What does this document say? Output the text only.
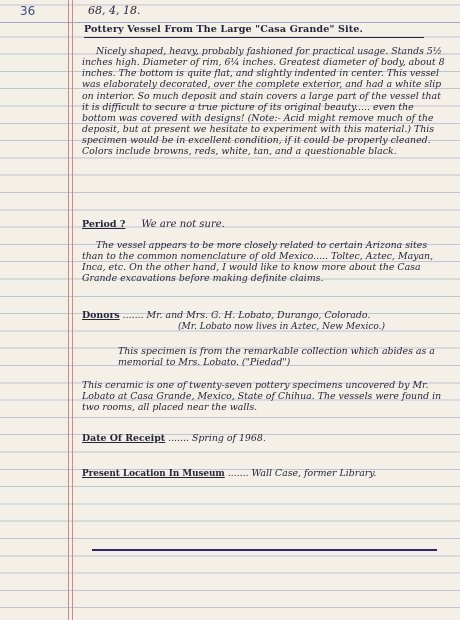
36	68, 4, 18.
Pottery Vessel From The Large "Casa Grande" Site.

Nicely shaped, heavy, probably fashioned for practical usage. Stands 5½ inches high. Diameter of rim, 6¼ inches. Greatest diameter of body, about 8 inches. The bottom is quite flat, and slightly indented in center. This vessel was elaborately decorated, over the complete exterior, and had a white slip on interior. So much deposit and stain covers a large part of the vessel that it is difficult to secure a true picture of its original beauty..... even the bottom was covered with designs! (Note:- Acid might remove much of the deposit, but at present we hesitate to experiment with this material.) This specimen would be in excellent condition, if it could be properly cleaned. Colors include browns, reds, white, tan, and a questionable black.

Period ? We are not sure.

The vessel appears to be more closely related to certain Arizona sites than to the common nomenclature of old Mexico..... Toltec, Aztec, Mayan, Inca, etc. On the other hand, I would like to know more about the Casa Grande excavations before making definite claims.

Donors ....... Mr. and Mrs. G. H. Lobato, Durango, Colorado.
(Mr. Lobato now lives in Aztec, New Mexico.)

This specimen is from the remarkable collection which abides as a memorial to Mrs. Lobato. ("Piedad")

This ceramic is one of twenty-seven pottery specimens uncovered by Mr. Lobato at Casa Grande, Mexico, State of Chihua. The vessels were found in two rooms, all placed near the walls.

Date Of Receipt ....... Spring of 1968.
Present Location In Museum ....... Wall Case, former Library.
